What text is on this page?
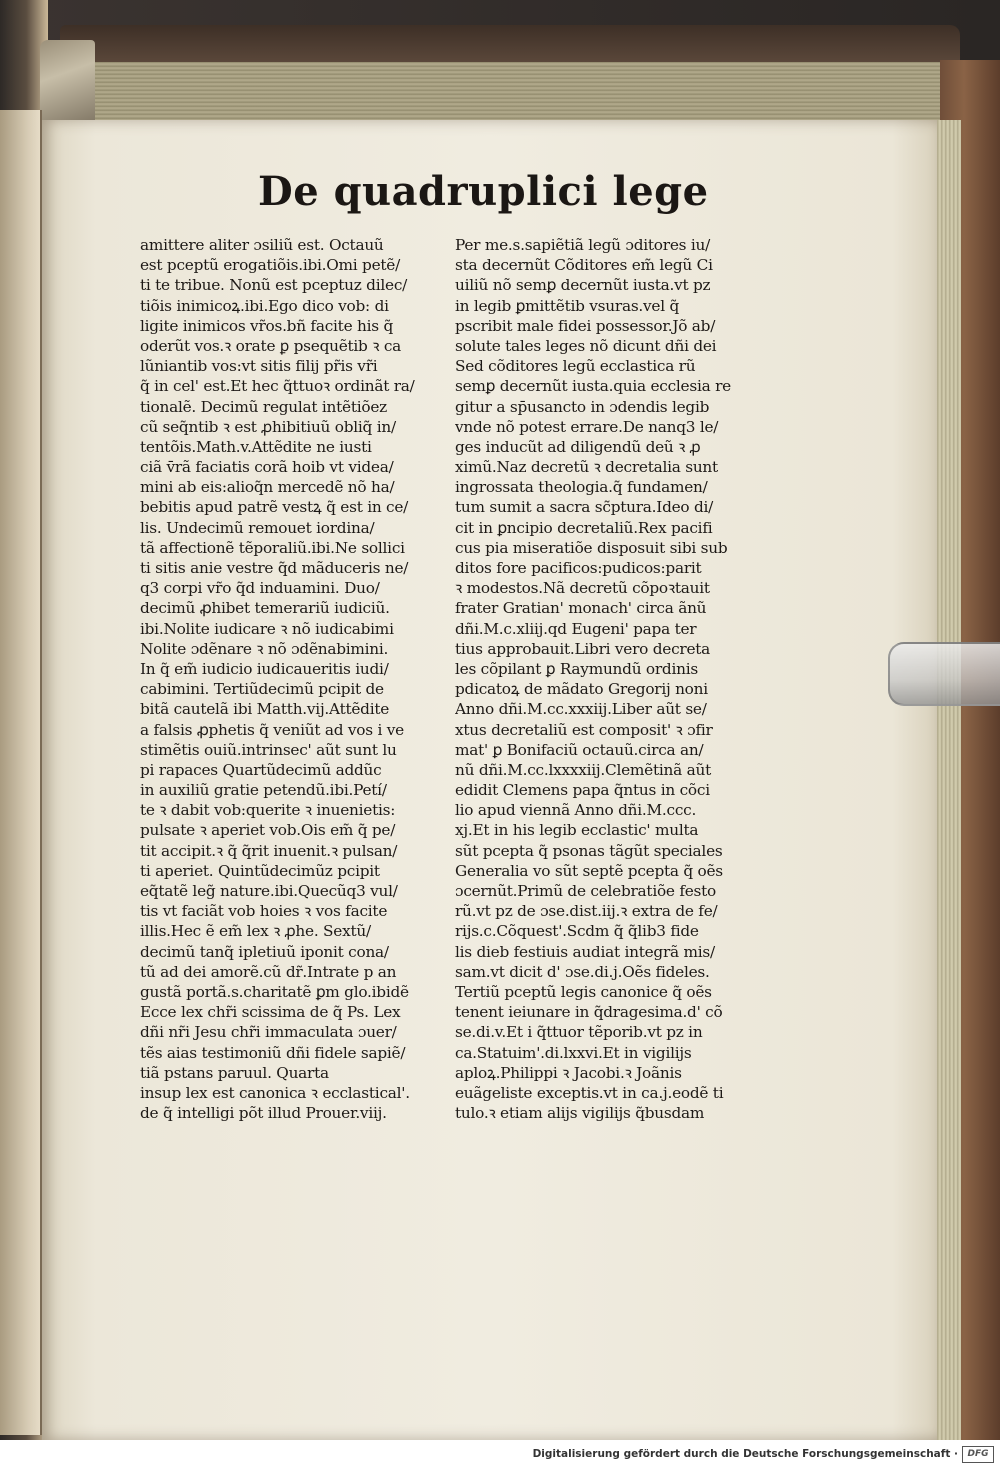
De quadruplici lege
amittere aliter ɔsiliũ est. Octauũ
est pceptũ erogatiõis.ibi.Omi petẽ/
ti te tribue. Nonũ est pceptuz dilec/
tiõis inimicoꝝ.ibi.Ego dico vob: di
ligite inimicos vr̃os.bñ facite his q̃
oderũt vos.ꝛ orate ꝑ psequẽtib ꝛ ca
lũniantib vos:vt sitis filij pr̃is vr̃i
q̃ in cel' est.Et hec q̃ttuoꝛ ordinãt ra/
tionalẽ. Decimũ regulat intẽtiõez
cũ seq̃ntib ꝛ est ꝓhibitiuũ obliq̃ in/
tentõis.Math.v.Attẽdite ne iusti
ciã v̄rã faciatis corã hoib vt videa/
mini ab eis:alioq̃n mercedẽ nõ ha/
bebitis apud patrẽ vestꝝ q̃ est in ce/
lis. Undecimũ remouet iordina/
tã affectionẽ tẽporaliũ.ibi.Ne sollici
ti sitis anie vestre q̃d mãduceris ne/
q3 corpi vr̃o q̃d induamini. Duo/
decimũ ꝓhibet temerariũ iudiciũ.
ibi.Nolite iudicare ꝛ nõ iudicabimi
Nolite ɔdẽnare ꝛ nõ ɔdẽnabimini.
In q̃ em̃ iudicio iudicaueritis iudi/
cabimini. Tertiũdecimũ pcipit de
bitã cautelã ibi Matth.vij.Attẽdite
a falsis ꝓphetis q̃ veniũt ad vos i ve
stimẽtis ouiũ.intrinsec' aũt sunt lu
pi rapaces Quartũdecimũ addũc
in auxiliũ gratie petendũ.ibi.Petí/
te ꝛ dabit vob:querite ꝛ inuenietis:
pulsate ꝛ aperiet vob.Ois em̃ q̃ pe/
tit accipit.ꝛ q̃ q̃rit inuenit.ꝛ pulsan/
ti aperiet. Quintũdecimũz pcipit
eq̃tatẽ leg̃ nature.ibi.Quecũq3 vul/
tis vt faciãt vob hoies ꝛ vos facite
illis.Hec ẽ em̃ lex ꝛ ꝓhe. Sextũ/
decimũ tanq̃ ipletiuũ iponit cona/
tũ ad dei amorẽ.cũ dr̃.Intrate p an
gustã portã.s.charitatẽ ꝑm glo.ibidẽ
Ecce lex chr̃i scissima de q̃ Ps. Lex
dñi nr̃i Jesu chr̃i immaculata ɔuer/
tẽs aias testimoniũ dñi fidele sapiẽ/
tiã pstans paruul. Quarta
insup lex est canonica ꝛ ecclastical'.
de q̃ intelligi põt illud Prouer.viij.
Per me.s.sapiẽtiã legũ ɔditores iu/
sta decernũt Cõditores em̃ legũ Ci
uiliũ nõ semꝑ decernũt iusta.vt pz
in legib ꝑmittẽtib vsuras.vel q̃
pscribit male fidei possessor.Jõ ab/
solute tales leges nõ dicunt dñi dei
Sed cõditores legũ ecclastica rũ
semꝑ decernũt iusta.quia ecclesia re
gitur a sp̄usancto in ɔdendis legib
vnde nõ potest errare.De nanq3 le/
ges inducũt ad diligendũ deũ ꝛ ꝓ
ximũ.Naz decretũ ꝛ decretalia sunt
ingrossata theologia.q̃ fundamen/
tum sumit a sacra sc̃ptura.Ideo di/
cit in ꝑncipio decretaliũ.Rex pacifi
cus pia miseratiõe disposuit sibi sub
ditos fore pacificos:pudicos:parit
ꝛ modestos.Nã decretũ cõpoꝛtauit
frater Gratian' monach' circa ãnũ
dñi.M.c.xliij.qd Eugeni' papa ter
tius approbauit.Libri vero decreta
les cõpilant ꝑ Raymundũ ordinis
pdicatoꝝ de mãdato Gregorij noni
Anno dñi.M.cc.xxxiij.Liber aũt se/
xtus decretaliũ est composit' ꝛ ɔfir
mat' ꝑ Bonifaciũ octauũ.circa an/
nũ dñi.M.cc.lxxxxiij.Clemẽtinã aũt
edidit Clemens papa q̃ntus in cõci
lio apud viennã Anno dñi.M.ccc.
xj.Et in his legib ecclastic' multa
sũt pcepta q̃ psonas tãgũt speciales
Generalia vo sũt septẽ pcepta q̃ oẽs
ɔcernũt.Primũ de celebratiõe festo
rũ.vt pz de ɔse.dist.iij.ꝛ extra de fe/
rijs.c.Cõquest'.Scdm q̃ q̃lib3 fide
lis dieb festiuis audiat integrã mis/
sam.vt dicit d' ɔse.di.j.Oẽs fideles.
Tertiũ pceptũ legis canonice q̃ oẽs
tenent ieiunare in q̃dragesima.d' cõ
se.di.v.Et i q̃ttuor tẽporib.vt pz in
ca.Statuim'.di.lxxvi.Et in vigilijs
aploꝝ.Philippi ꝛ Jacobi.ꝛ Joãnis
euãgeliste exceptis.vt in ca.j.eodẽ ti
tulo.ꝛ etiam alijs vigilijs q̃busdam
Digitalisierung gefördert durch die Deutsche Forschungsgemeinschaft ·	DFG
